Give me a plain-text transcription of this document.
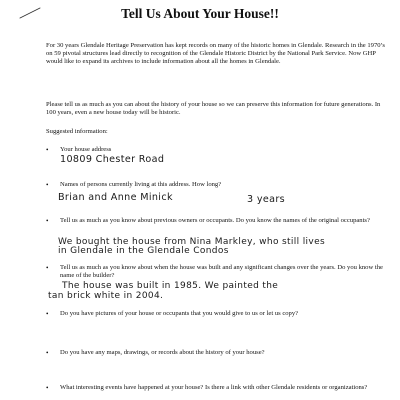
Tell Us About Your House!!

For 30 years Glendale Heritage Preservation has kept records on many of the historic homes in Glendale. Research in the 1970’s on 59 pivotal structures lead directly to recognition of the Glendale Historic District by the National Park Service. Now GHP would like to expand its archives to include information about all the homes in Glendale.

Please tell us as much as you can about the history of your house so we can preserve this information for future generations. In 100 years, even a new house today will be historic.

Suggested information:

• Your house address

10809 Chester Road
• Names of persons currently living at this address. How long?

Brian and Anne Minick	3 years
• Tell us as much as you know about previous owners or occupants. Do you know the names of the original occupants?

We bought the house from Nina Markley, who still lives
in Glendale in the Glendale Condos
• Tell us as much as you know about when the house was built and any significant changes over the years. Do you know the name of the builder?

The house was built in 1985. We painted the
tan brick white in 2004.
• Do you have pictures of your house or occupants that you would give to us or let us copy?

• Do you have any maps, drawings, or records about the history of your house?

• What interesting events have happened at your house? Is there a link with other Glendale residents or organizations?
